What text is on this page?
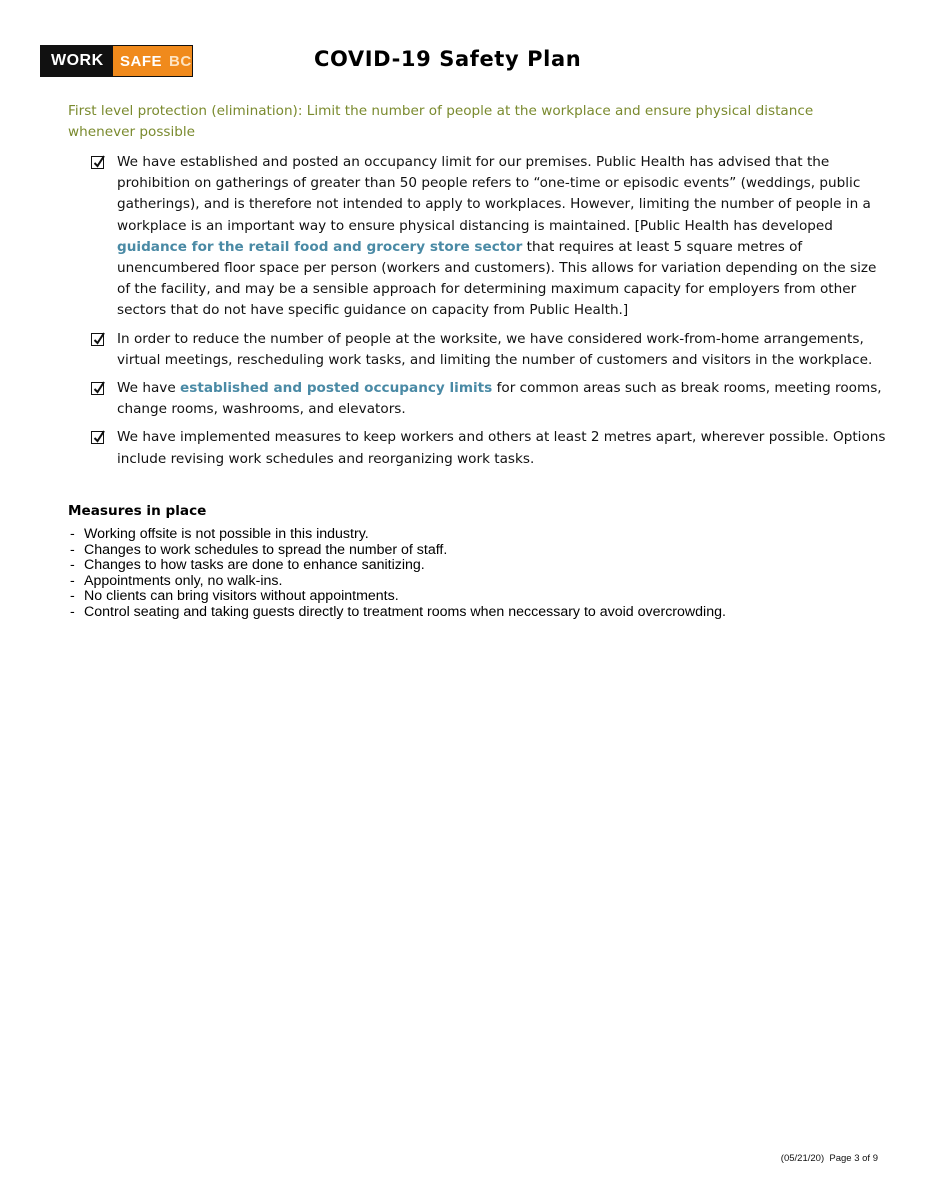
WORK	SAFE BC	COVID-19 Safety Plan
First level protection (elimination): Limit the number of people at the workplace and ensure physical distance whenever possible
We have established and posted an occupancy limit for our premises. Public Health has advised that the prohibition on gatherings of greater than 50 people refers to “one-time or episodic events” (weddings, public gatherings), and is therefore not intended to apply to workplaces. However, limiting the number of people in a workplace is an important way to ensure physical distancing is maintained. [Public Health has developed guidance for the retail food and grocery store sector that requires at least 5 square metres of unencumbered floor space per person (workers and customers). This allows for variation depending on the size of the facility, and may be a sensible approach for determining maximum capacity for employers from other sectors that do not have specific guidance on capacity from Public Health.]
In order to reduce the number of people at the worksite, we have considered work-from-home arrangements, virtual meetings, rescheduling work tasks, and limiting the number of customers and visitors in the workplace.
We have established and posted occupancy limits for common areas such as break rooms, meeting rooms, change rooms, washrooms, and elevators.
We have implemented measures to keep workers and others at least 2 metres apart, wherever possible. Options include revising work schedules and reorganizing work tasks.
Measures in place
- Working offsite is not possible in this industry.
- Changes to work schedules to spread the number of staff.
- Changes to how tasks are done to enhance sanitizing.
- Appointments only, no walk-ins.
- No clients can bring visitors without appointments.
- Control seating and taking guests directly to treatment rooms when neccessary to avoid overcrowding.
(05/21/20) Page 3 of 9
